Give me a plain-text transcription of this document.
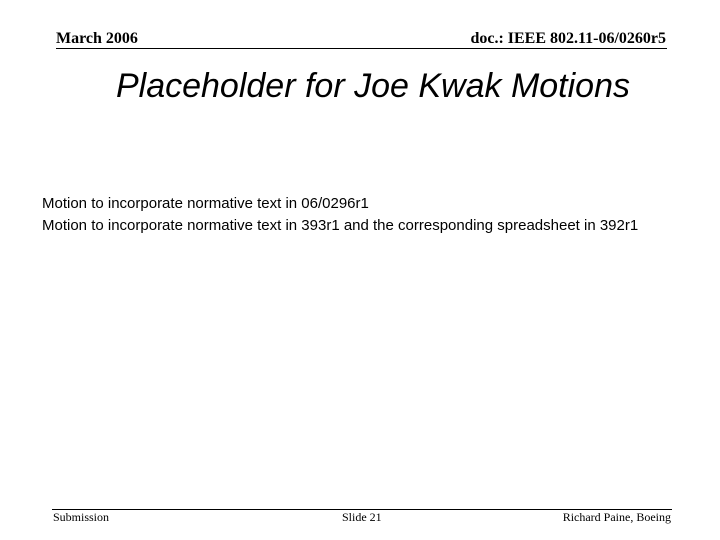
March 2006	doc.: IEEE 802.11-06/0260r5
Placeholder for Joe Kwak Motions

Motion to incorporate normative text in 06/0296r1

Motion to incorporate normative text in 393r1 and the corresponding spreadsheet in 392r1

Submission	Slide 21	Richard Paine, Boeing
